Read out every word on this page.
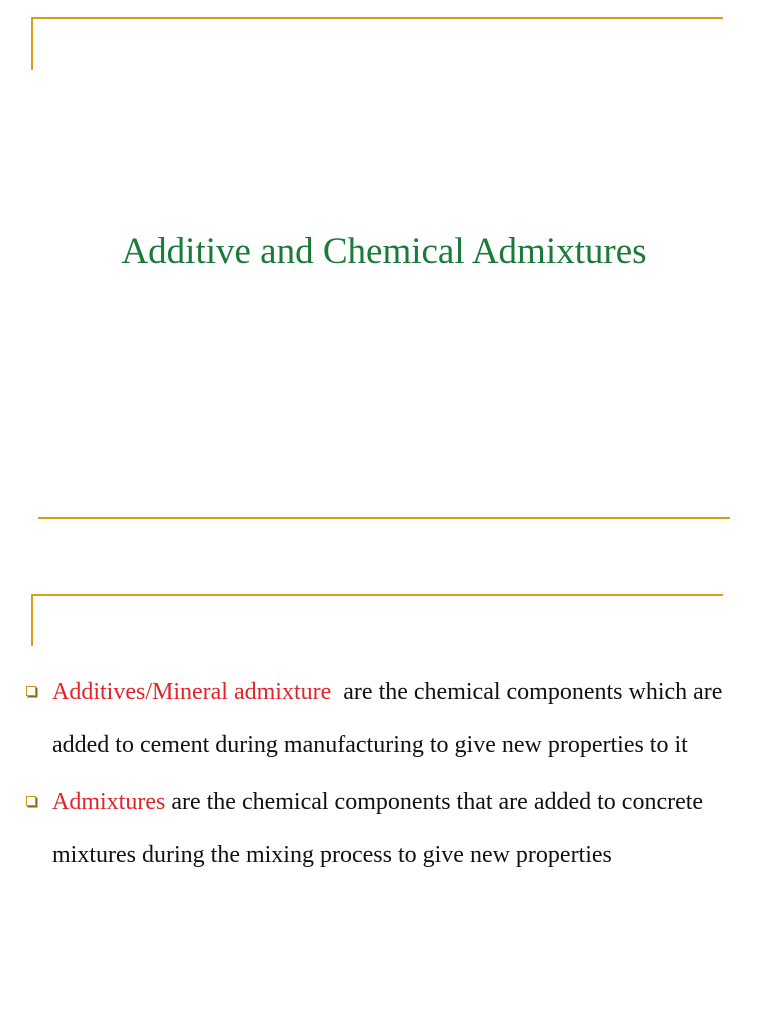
Additive and Chemical Admixtures
Additives/Mineral admixture  are the chemical components which are added to cement during manufacturing to give new properties to it
Admixtures are the chemical components that are added to concrete mixtures during the mixing process to give new properties
